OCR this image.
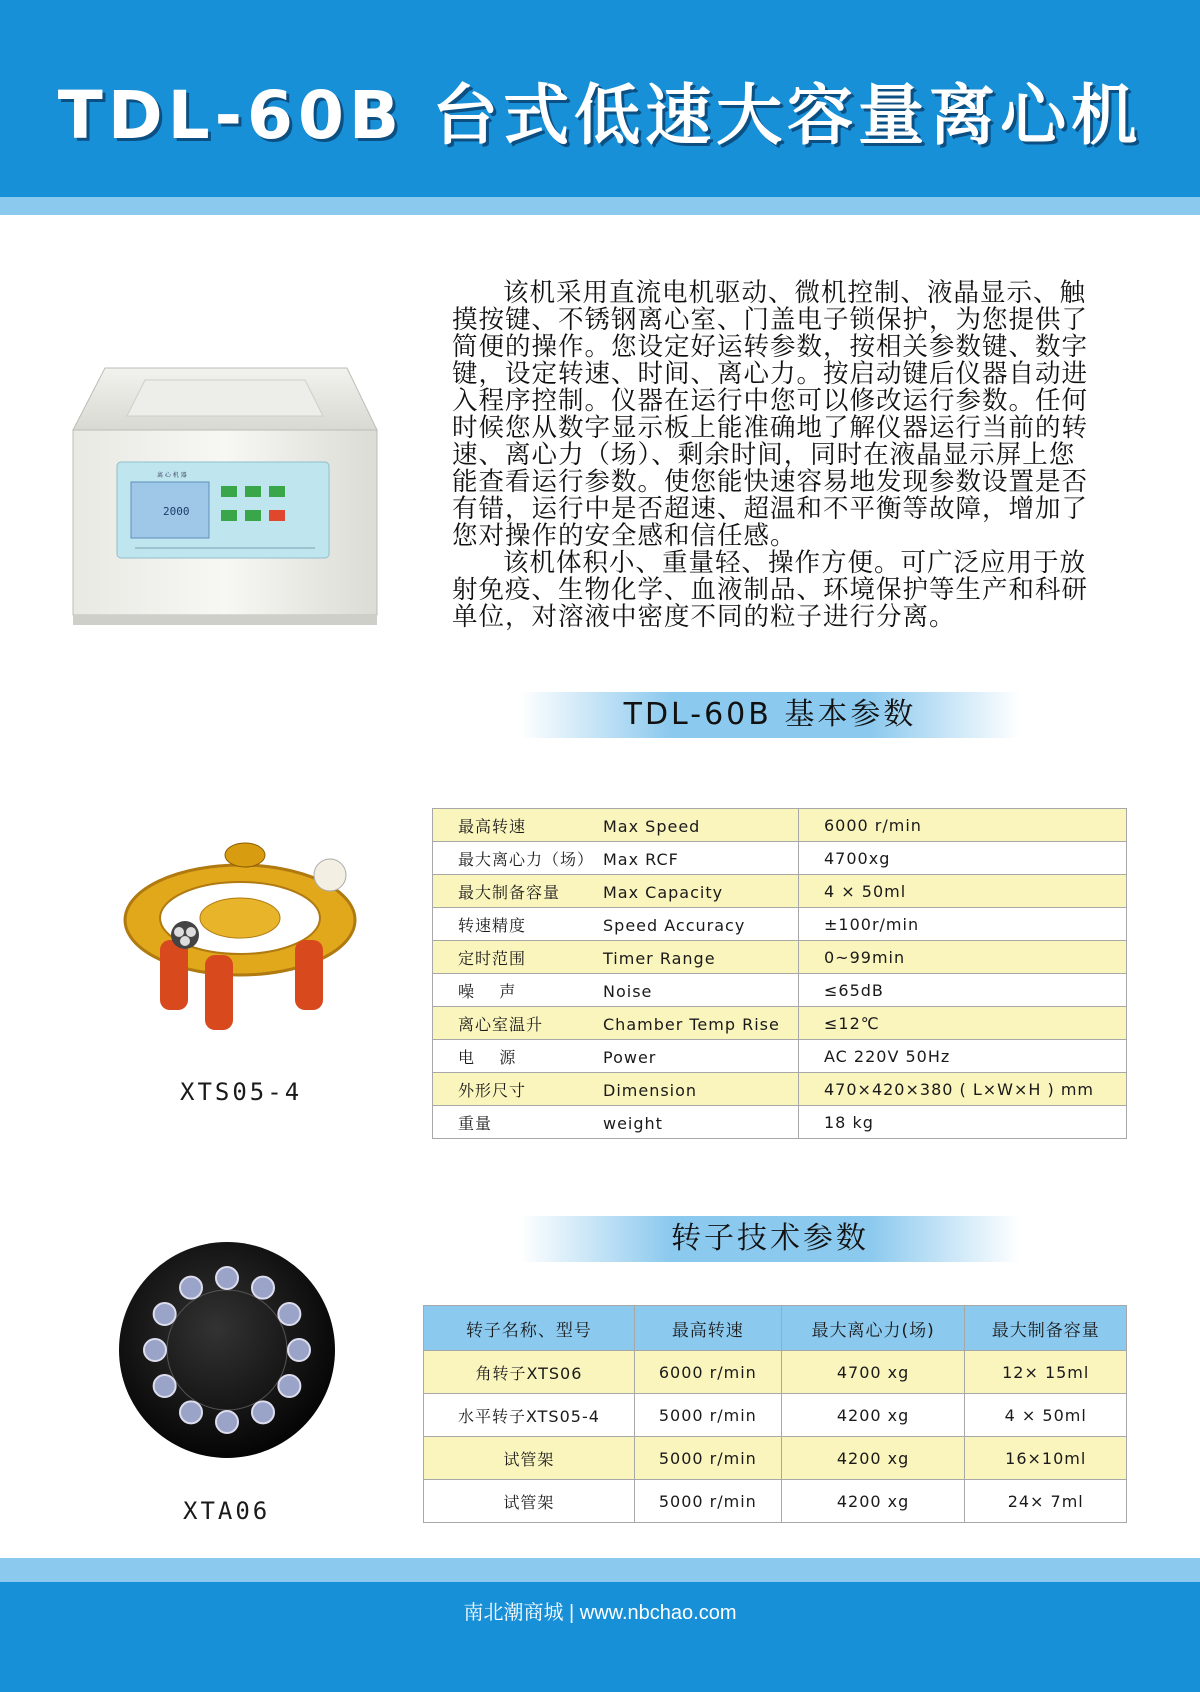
TDL-60B 台式低速大容量离心机
2000
离 心 机 器

该机采用直流电机驱动、微机控制、液晶显示、触摸按键、不锈钢离心室、门盖电子锁保护，为您提供了简便的操作。您设定好运转参数，按相关参数键、数字键，设定转速、时间、离心力。按启动键后仪器自动进入程序控制。仪器在运行中您可以修改运行参数。任何时候您从数字显示板上能准确地了解仪器运行当前的转速、离心力（场）、剩余时间，同时在液晶显示屏上您能查看运行参数。使您能快速容易地发现参数设置是否有错，运行中是否超速、超温和不平衡等故障，增加了您对操作的安全感和信任感。

该机体积小、重量轻、操作方便。可广泛应用于放射免疫、生物化学、血液制品、环境保护等生产和科研单位，对溶液中密度不同的粒子进行分离。

TDL-60B 基本参数
XTS05-4
最高转速 Max Speed	6000 r/min
最大离心力（场） Max RCF	4700xg
最大制备容量 Max Capacity	4 × 50ml
转速精度 Speed Accuracy	±100r/min
定时范围 Timer Range	0~99min
噪    声 Noise	≤65dB
离心室温升 Chamber Temp Rise	≤12℃
电    源 Power	AC 220V 50Hz
外形尺寸 Dimension	470×420×380 ( L×W×H ) mm
重量 weight	18 kg
转子技术参数
XTA06
转子名称、型号	最高转速	最大离心力(场)	最大制备容量
角转子XTS06	6000 r/min	4700 xg	12× 15ml
水平转子XTS05-4	5000 r/min	4200 xg	4 × 50ml
试管架	5000 r/min	4200 xg	16×10ml
试管架	5000 r/min	4200 xg	24× 7ml
南北潮商城 | www.nbchao.com
